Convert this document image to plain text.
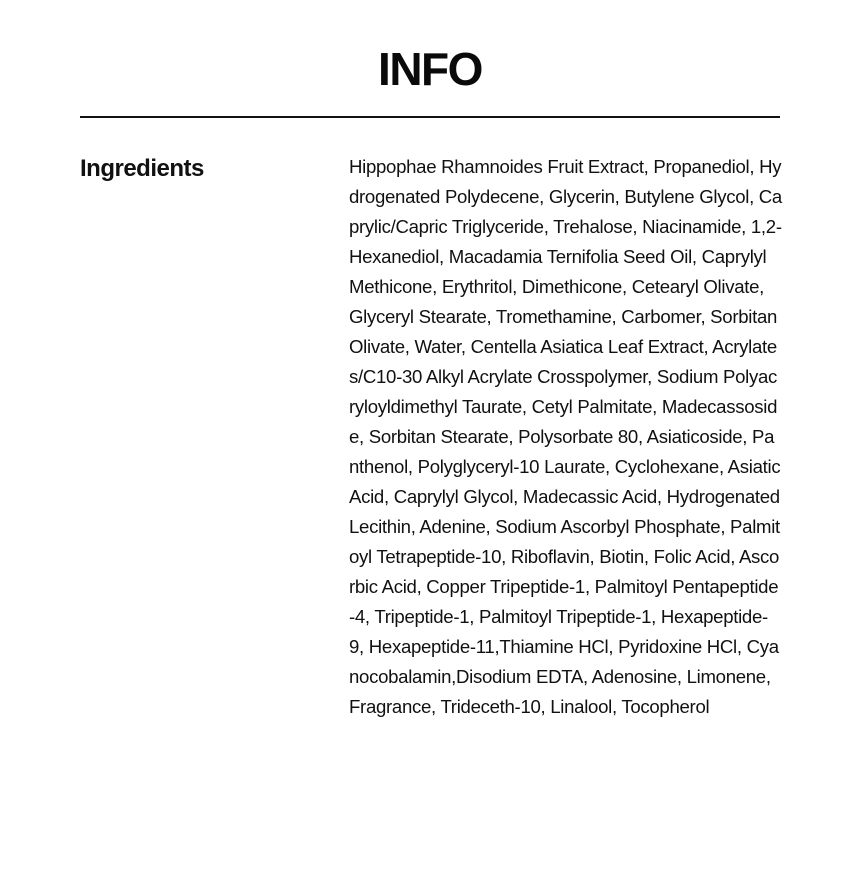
INFO
Ingredients	Hippophae Rhamnoides Fruit Extract, Propanediol, Hydrogenated Polydecene, Glycerin, Butylene Glycol, Caprylic/Capric Triglyceride, Trehalose, Niacinamide, 1,2-Hexanediol, Macadamia Ternifolia Seed Oil, Caprylyl Methicone, Erythritol, Dimethicone, Cetearyl Olivate, Glyceryl Stearate, Tromethamine, Carbomer, Sorbitan Olivate, Water, Centella Asiatica Leaf Extract, Acrylates/C10-30 Alkyl Acrylate Crosspolymer, Sodium Polyacryloyldimethyl Taurate, Cetyl Palmitate, Madecassoside, Sorbitan Stearate, Polysorbate 80, Asiaticoside, Panthenol, Polyglyceryl-10 Laurate, Cyclohexane, Asiatic Acid, Caprylyl Glycol, Madecassic Acid, Hydrogenated Lecithin, Adenine, Sodium Ascorbyl Phosphate, Palmitoyl Tetrapeptide-10, Riboflavin, Biotin, Folic Acid, Ascorbic Acid, Copper Tripeptide-1, Palmitoyl Pentapeptide-4, Tripeptide-1, Palmitoyl Tripeptide-1, Hexapeptide-9, Hexapeptide-11,Thiamine HCl, Pyridoxine HCl, Cyanocobalamin,Disodium EDTA, Adenosine, Limonene, Fragrance, Trideceth-10, Linalool, Tocopherol
